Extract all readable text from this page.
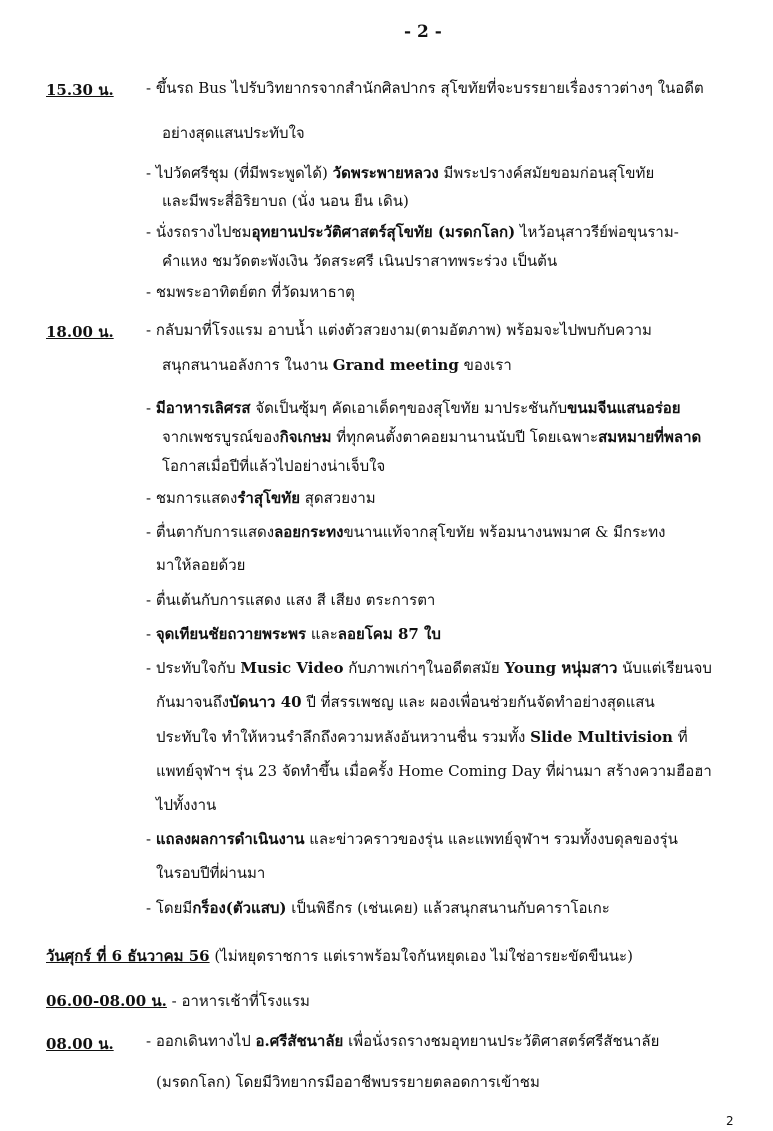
- 2 -
15.30 น. - ขึ้นรถ Bus ไปรับวิทยากรจากสำนักศิลปากร สุโขทัยที่จะบรรยายเรื่องราวต่างๆ ในอดีต
อย่างสุดแสนประทับใจ
- ไปวัดศรีชุม (ที่มีพระพูดได้) วัดพระพายหลวง มีพระปรางค์สมัยขอมก่อนสุโขทัย
และมีพระสี่อิริยาบถ (นั่ง นอน ยืน เดิน)
- นั่งรถรางไปชมอุทยานประวัติศาสตร์สุโขทัย (มรดกโลก) ไหว้อนุสาวรีย์พ่อขุนราม-
คำแหง ชมวัดตะพังเงิน วัดสระศรี เนินปราสาทพระร่วง เป็นต้น
- ชมพระอาทิตย์ตก ที่วัดมหาธาตุ
18.00 น. - กลับมาที่โรงแรม อาบน้ำ แต่งตัวสวยงาม(ตามอัตภาพ) พร้อมจะไปพบกับความ
สนุกสนานอลังการ ในงาน Grand meeting ของเรา
- มีอาหารเลิศรส จัดเป็นซุ้มๆ คัดเอาเด็ดๆของสุโขทัย มาประชันกับขนมจีนแสนอร่อย
จากเพชรบูรณ์ของกิจเกษม ที่ทุกคนตั้งตาคอยมานานนับปี โดยเฉพาะสมหมายที่พลาด
โอกาสเมื่อปีที่แล้วไปอย่างน่าเจ็บใจ
- ชมการแสดงรำสุโขทัย สุดสวยงาม
- ตื่นตากับการแสดงลอยกระทงขนานแท้จากสุโขทัย พร้อมนางนพมาศ & มีกระทง
มาให้ลอยด้วย
- ตื่นเต้นกับการแสดง แสง สี เสียง ตระการตา
- จุดเทียนชัยถวายพระพร และลอยโคม 87 ใบ
- ประทับใจกับ Music Video กับภาพเก่าๆในอดีตสมัย Young หนุ่มสาว นับแต่เรียนจบ
กันมาจนถึงบัดนาว 40 ปี ที่สรรเพชญ และ ผองเพื่อนช่วยกันจัดทำอย่างสุดแสน
ประทับใจ ทำให้หวนรำลึกถึงความหลังอันหวานชื่น รวมทั้ง Slide Multivision ที่
แพทย์จุฬาฯ รุ่น 23 จัดทำขึ้น เมื่อครั้ง Home Coming Day ที่ผ่านมา สร้างความฮือฮา
ไปทั้งงาน
- แถลงผลการดำเนินงาน และข่าวคราวของรุ่น และแพทย์จุฬาฯ รวมทั้งงบดุลของรุ่น
ในรอบปีที่ผ่านมา
- โดยมีกร็อง(ตัวแสบ) เป็นพิธีกร (เช่นเคย) แล้วสนุกสนานกับคาราโอเกะ
วันศุกร์ ที่ 6 ธันวาคม 56 (ไม่หยุดราชการ แต่เราพร้อมใจกันหยุดเอง ไม่ใช่อารยะขัดขืนนะ)
06.00-08.00 น. - อาหารเช้าที่โรงแรม
08.00 น. - ออกเดินทางไป อ.ศรีสัชนาลัย เพื่อนั่งรถรางชมอุทยานประวัติศาสตร์ศรีสัชนาลัย
(มรดกโลก) โดยมีวิทยากรมืออาชีพบรรยายตลอดการเข้าชม
2
